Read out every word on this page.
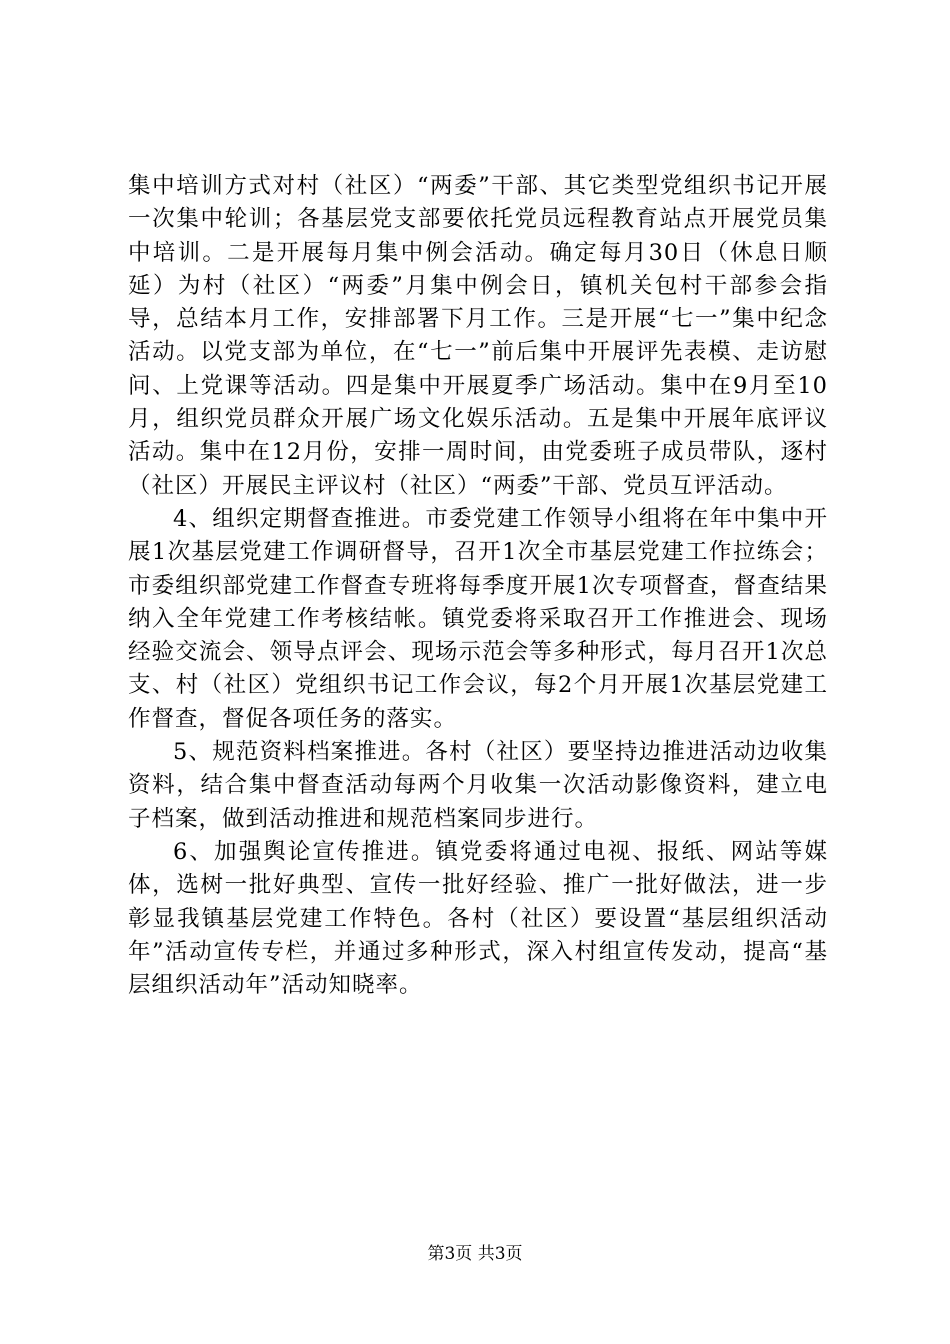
集中培训方式对村（社区）“两委”干部、其它类型党组织书记开展一次集中轮训；各基层党支部要依托党员远程教育站点开展党员集中培训。二是开展每月集中例会活动。确定每月30日（休息日顺延）为村（社区）“两委”月集中例会日，镇机关包村干部参会指导，总结本月工作，安排部署下月工作。三是开展“七一”集中纪念活动。以党支部为单位，在“七一”前后集中开展评先表模、走访慰问、上党课等活动。四是集中开展夏季广场活动。集中在9月至10月，组织党员群众开展广场文化娱乐活动。五是集中开展年底评议活动。集中在12月份，安排一周时间，由党委班子成员带队，逐村（社区）开展民主评议村（社区）“两委”干部、党员互评活动。

4、组织定期督查推进。市委党建工作领导小组将在年中集中开展1次基层党建工作调研督导，召开1次全市基层党建工作拉练会；市委组织部党建工作督查专班将每季度开展1次专项督查，督查结果纳入全年党建工作考核结帐。镇党委将采取召开工作推进会、现场经验交流会、领导点评会、现场示范会等多种形式，每月召开1次总支、村（社区）党组织书记工作会议，每2个月开展1次基层党建工作督查，督促各项任务的落实。

5、规范资料档案推进。各村（社区）要坚持边推进活动边收集资料，结合集中督查活动每两个月收集一次活动影像资料，建立电子档案，做到活动推进和规范档案同步进行。

6、加强舆论宣传推进。镇党委将通过电视、报纸、网站等媒体，选树一批好典型、宣传一批好经验、推广一批好做法，进一步彰显我镇基层党建工作特色。各村（社区）要设置“基层组织活动年”活动宣传专栏，并通过多种形式，深入村组宣传发动，提高“基层组织活动年”活动知晓率。

第3页 共3页
